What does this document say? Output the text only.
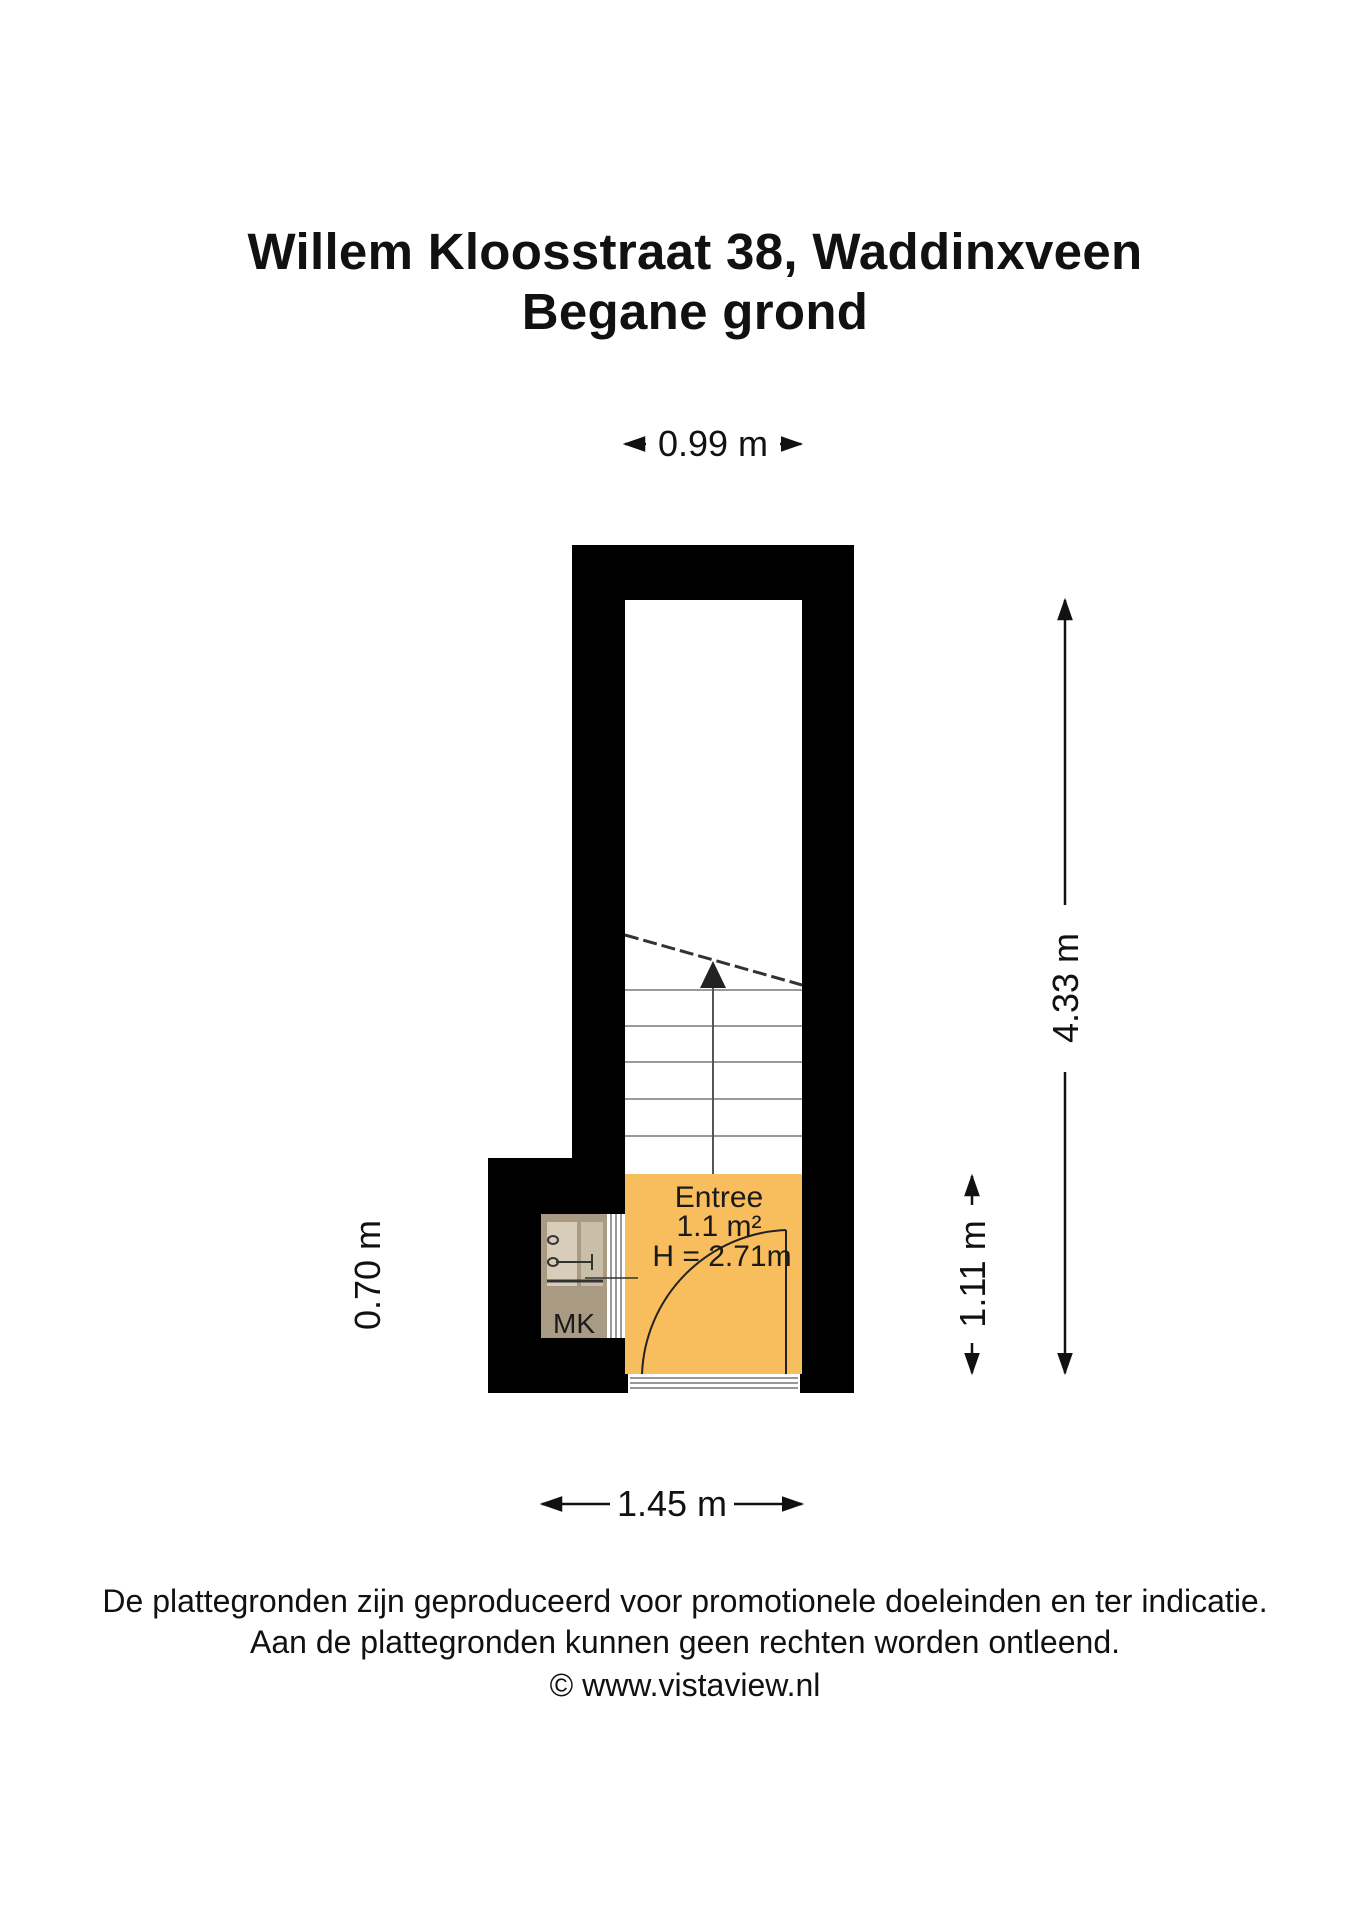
Willem Kloosstraat 38, Waddinxveen
Begane grond
MK
Entree
1.1 m²
H = 2.71m
0.99 m
4.33 m
1.11 m
0.70 m
1.45 m
De plattegronden zijn geproduceerd voor promotionele doeleinden en ter indicatie.
Aan de plattegronden kunnen geen rechten worden ontleend.
© www.vistaview.nl
